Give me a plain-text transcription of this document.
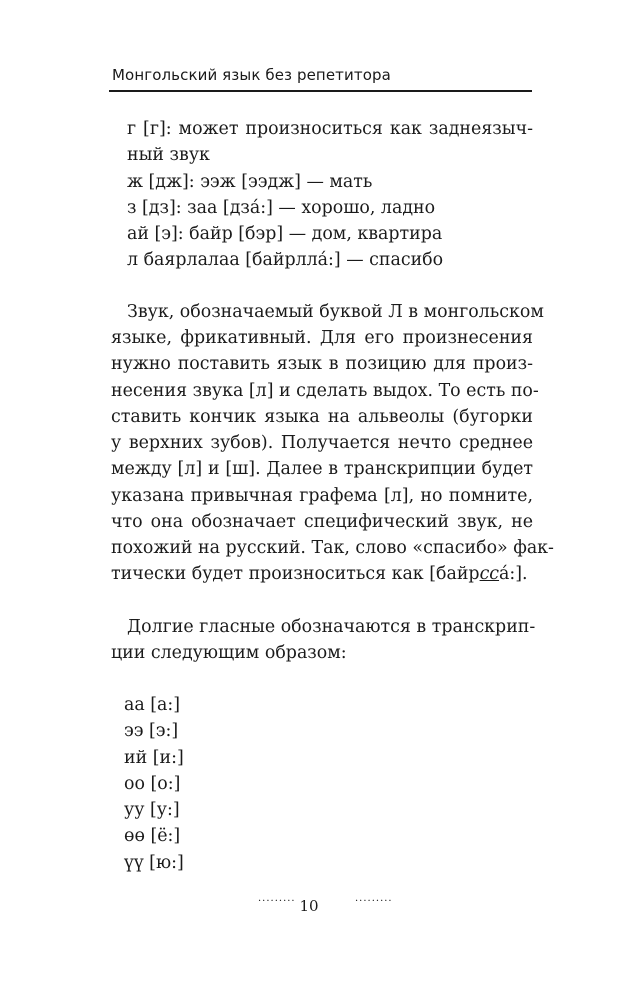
Монгольский язык без репетитора
г [г]: может произноситься как заднеязыч-
ный звук
ж [дж]: ээж [ээдж] — мать
з [дз]: заа [дза́:] — хорошо, ладно
ай [э]: байр [бэр] — дом, квартира
л баярлалаа [байрлла́:] — спасибо
Звук, обозначаемый буквой Л в монгольском
языке, фрикативный. Для его произнесения
нужно поставить язык в позицию для произ-
несения звука [л] и сделать выдох. То есть по-
ставить кончик языка на альвеолы (бугорки
у верхних зубов). Получается нечто среднее
между [л] и [ш]. Далее в транскрипции будет
указана привычная графема [л], но помните,
что она обозначает специфический звук, не
похожий на русский. Так, слово «спасибо» фак-
тически будет произноситься как [байрсса́:].
Долгие гласные обозначаются в транскрип-
ции следующим образом:
аа [а:]
ээ [э:]
ий [и:]
оо [о:]
уу [у:]
өө [ё:]
үү [ю:]
········· 10	·········
